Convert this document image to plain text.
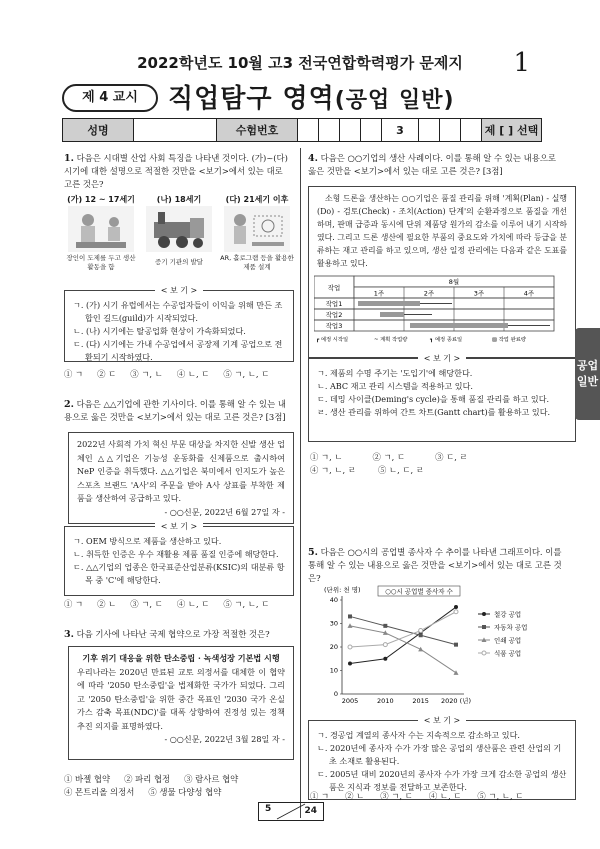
2022학년도 10월 고3 전국연합학력평가 문제지	1
제 4 교시	직업탐구 영역(공업 일반)
성명	수험번호	3	제 [ ] 선택
1. 다음은 시대별 산업 사회 특징을 나타낸 것이다. (가)~(다) 시기에 대한 설명으로 적절한 것만을 <보기>에서 있는 대로 고른 것은?
(가) 12 ~ 17세기	(나) 18세기	(다) 21세기 이후
장인이 도제를 두고 생산 활동을 함
증기 기관의 발달	AR, 홀로그램 등을 활용한 제품 설계
< 보 기 >
ㄱ. (가) 시기 유럽에서는 수공업자들이 이익을 위해 만든 조합인 길드(guild)가 시작되었다.
ㄴ. (나) 시기에는 탈공업화 현상이 가속화되었다.
ㄷ. (다) 시기에는 가내 수공업에서 공장제 기계 공업으로 전환되기 시작하였다.
① ㄱ ② ㄷ ③ ㄱ, ㄴ ④ ㄴ, ㄷ ⑤ ㄱ, ㄴ, ㄷ
2. 다음은 △△기업에 관한 기사이다. 이를 통해 알 수 있는 내용으로 옳은 것만을 <보기>에서 있는 대로 고른 것은? [3점]
2022년 사회적 가치 혁신 부문 대상을 차지한 신발 생산 업체인 △△기업은 기능성 운동화를 신제품으로 출시하여 NeP 인증을 취득했다. △△기업은 북미에서 인지도가 높은 스포츠 브랜드 'A사'의 주문을 받아 A사 상표를 부착한 제품을 생산하여 공급하고 있다.
- ○○신문, 2022년 6월 27일 자 -
< 보 기 >
ㄱ. OEM 방식으로 제품을 생산하고 있다.
ㄴ. 취득한 인증은 우수 재활용 제품 품질 인증에 해당한다.
ㄷ. △△기업의 업종은 한국표준산업분류(KSIC)의 대분류 항목 중 'C'에 해당한다.
① ㄱ ② ㄴ ③ ㄱ, ㄷ ④ ㄴ, ㄷ ⑤ ㄱ, ㄴ, ㄷ
3. 다음 기사에 나타난 국제 협약으로 가장 적절한 것은?
기후 위기 대응을 위한 탄소중립 · 녹색성장 기본법 시행
우리나라는 2020년 만료된 교토 의정서를 대체한 이 협약에 따라 '2050 탄소중립'을 법제화한 국가가 되었다. 그리고 '2050 탄소중립'을 위한 중간 목표인 '2030 국가 온실가스 감축 목표(NDC)'를 대폭 상향하여 진정성 있는 정책 추진 의지를 표명하였다.
- ○○신문, 2022년 3월 28일 자 -
① 바젤 협약 ② 파리 협정 ③ 람사르 협약
④ 몬트리올 의정서 ⑤ 생물 다양성 협약
4. 다음은 ○○기업의 생산 사례이다. 이를 통해 알 수 있는 내용으로 옳은 것만을 <보기>에서 있는 대로 고른 것은? [3점]
소형 드론을 생산하는 ○○기업은 품질 관리를 위해 '계획(Plan) - 실행(Do) - 검토(Check) - 조치(Action) 단계'의 순환과정으로 품질을 개선하며, 판매 급증과 동시에 단위 제품당 원가의 감소를 이루어 내기 시작하였다. 그리고 드론 생산에 필요한 부품의 중요도와 가치에 따라 등급을 분류하는 재고 관리를 하고 있으며, 생산 일정 관리에는 다음과 같은 도표를 활용하고 있다.
작업
8월
1주	2주	3주	4주
작업1
작업2
작업3
┏ 예정 시작일	~ 계획 작업량	┓ 예정 종료일	▨ 작업 완료량
< 보 기 >
ㄱ. 제품의 수명 주기는 '도입기'에 해당한다.
ㄴ. ABC 재고 관리 시스템을 적용하고 있다.
ㄷ. 데밍 사이클(Deming's cycle)을 통해 품질 관리를 하고 있다.
ㄹ. 생산 관리를 위하여 간트 차트(Gantt chart)를 활용하고 있다.
① ㄱ, ㄴ	② ㄱ, ㄷ	③ ㄷ, ㄹ
④ ㄱ, ㄴ, ㄹ	⑤ ㄴ, ㄷ, ㄹ
5. 다음은 ○○시의 공업별 종사자 수 추이를 나타낸 그래프이다. 이를 통해 알 수 있는 내용으로 옳은 것만을 <보기>에서 있는 대로 고른 것은?
(단위: 천 명)	○○시 공업별 종사자 수
0
10
20
30
40
2005	2010	2015 2020 (년)
철강 공업
자동차 공업
인쇄 공업
식품 공업
< 보 기 >
ㄱ. 경공업 계열의 종사자 수는 지속적으로 감소하고 있다.
ㄴ. 2020년에 종사자 수가 가장 많은 공업의 생산품은 관련 산업의 기초 소재로 활용된다.
ㄷ. 2005년 대비 2020년의 종사자 수가 가장 크게 감소한 공업의 생산품은 지식과 정보를 전달하고 보존한다.
① ㄱ ② ㄴ ③ ㄱ, ㄷ ④ ㄴ, ㄷ ⑤ ㄱ, ㄴ, ㄷ
공업
일반
5	24
